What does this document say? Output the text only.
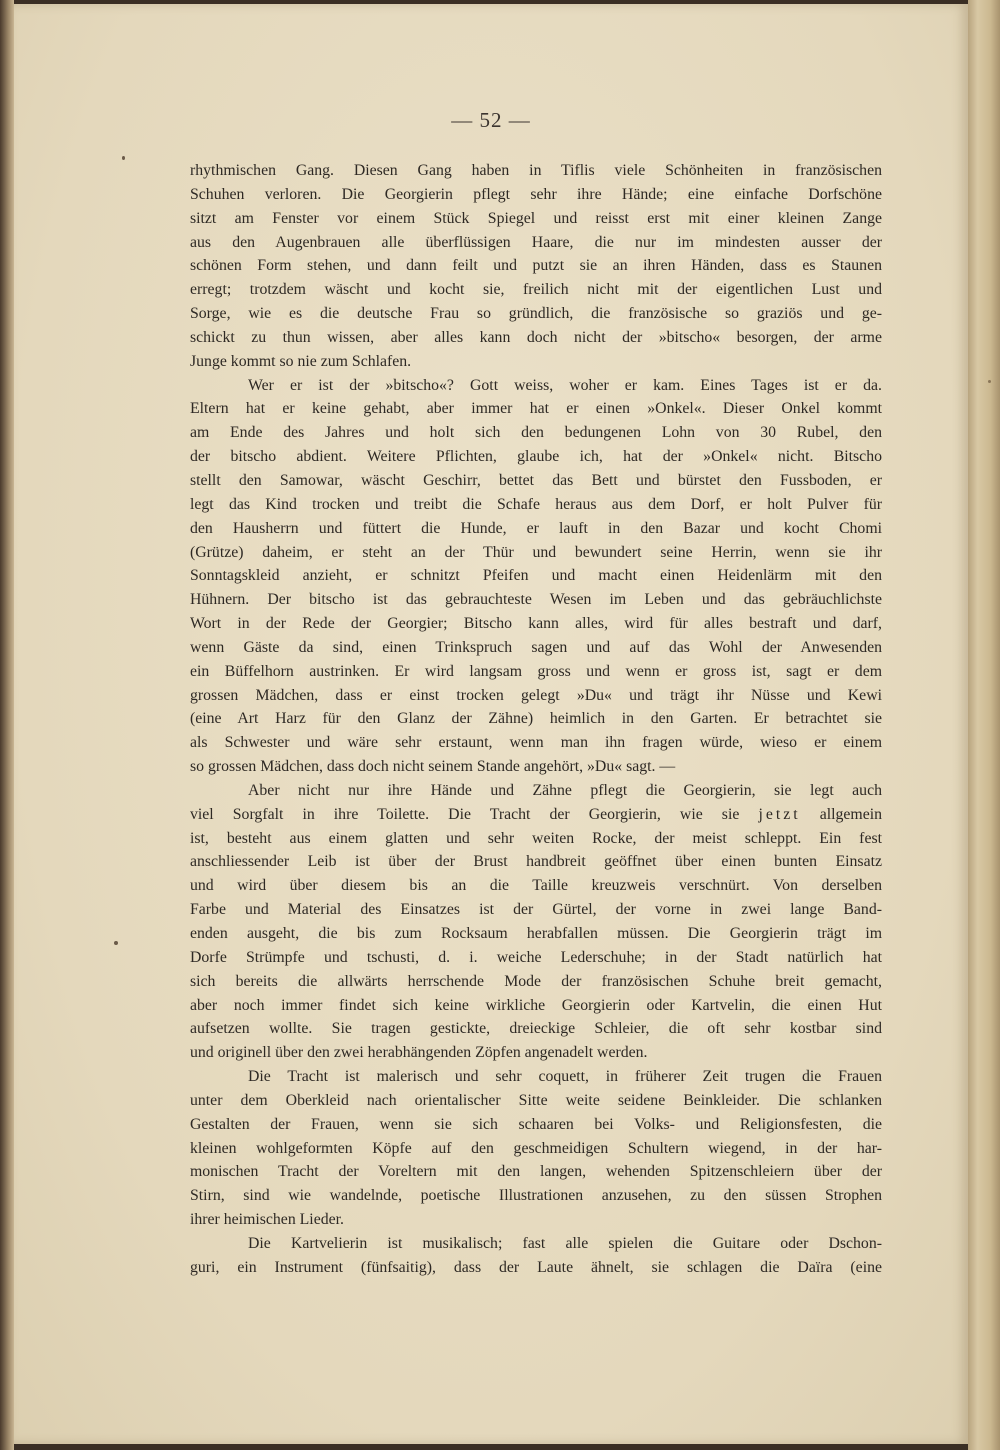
— 52 —
rhythmischen Gang. Diesen Gang haben in Tiflis viele Schönheiten in französischen
Schuhen verloren. Die Georgierin pflegt sehr ihre Hände; eine einfache Dorfschöne
sitzt am Fenster vor einem Stück Spiegel und reisst erst mit einer kleinen Zange
aus den Augenbrauen alle überflüssigen Haare, die nur im mindesten ausser der
schönen Form stehen, und dann feilt und putzt sie an ihren Händen, dass es Staunen
erregt; trotzdem wäscht und kocht sie, freilich nicht mit der eigentlichen Lust und
Sorge, wie es die deutsche Frau so gründlich, die französische so graziös und ge-
schickt zu thun wissen, aber alles kann doch nicht der »bitscho« besorgen, der arme
Junge kommt so nie zum Schlafen.
Wer er ist der »bitscho«? Gott weiss, woher er kam. Eines Tages ist er da.
Eltern hat er keine gehabt, aber immer hat er einen »Onkel«. Dieser Onkel kommt
am Ende des Jahres und holt sich den bedungenen Lohn von 30 Rubel, den
der bitscho abdient. Weitere Pflichten, glaube ich, hat der »Onkel« nicht. Bitscho
stellt den Samowar, wäscht Geschirr, bettet das Bett und bürstet den Fussboden, er
legt das Kind trocken und treibt die Schafe heraus aus dem Dorf, er holt Pulver für
den Hausherrn und füttert die Hunde, er lauft in den Bazar und kocht Chomi
(Grütze) daheim, er steht an der Thür und bewundert seine Herrin, wenn sie ihr
Sonntagskleid anzieht, er schnitzt Pfeifen und macht einen Heidenlärm mit den
Hühnern. Der bitscho ist das gebrauchteste Wesen im Leben und das gebräuchlichste
Wort in der Rede der Georgier; Bitscho kann alles, wird für alles bestraft und darf,
wenn Gäste da sind, einen Trinkspruch sagen und auf das Wohl der Anwesenden
ein Büffelhorn austrinken. Er wird langsam gross und wenn er gross ist, sagt er dem
grossen Mädchen, dass er einst trocken gelegt »Du« und trägt ihr Nüsse und Kewi
(eine Art Harz für den Glanz der Zähne) heimlich in den Garten. Er betrachtet sie
als Schwester und wäre sehr erstaunt, wenn man ihn fragen würde, wieso er einem
so grossen Mädchen, dass doch nicht seinem Stande angehört, »Du« sagt. —
Aber nicht nur ihre Hände und Zähne pflegt die Georgierin, sie legt auch
viel Sorgfalt in ihre Toilette. Die Tracht der Georgierin, wie sie jetzt allgemein
ist, besteht aus einem glatten und sehr weiten Rocke, der meist schleppt. Ein fest
anschliessender Leib ist über der Brust handbreit geöffnet über einen bunten Einsatz
und wird über diesem bis an die Taille kreuzweis verschnürt. Von derselben
Farbe und Material des Einsatzes ist der Gürtel, der vorne in zwei lange Band-
enden ausgeht, die bis zum Rocksaum herabfallen müssen. Die Georgierin trägt im
Dorfe Strümpfe und tschusti, d. i. weiche Lederschuhe; in der Stadt natürlich hat
sich bereits die allwärts herrschende Mode der französischen Schuhe breit gemacht,
aber noch immer findet sich keine wirkliche Georgierin oder Kartvelin, die einen Hut
aufsetzen wollte. Sie tragen gestickte, dreieckige Schleier, die oft sehr kostbar sind
und originell über den zwei herabhängenden Zöpfen angenadelt werden.
Die Tracht ist malerisch und sehr coquett, in früherer Zeit trugen die Frauen
unter dem Oberkleid nach orientalischer Sitte weite seidene Beinkleider. Die schlanken
Gestalten der Frauen, wenn sie sich schaaren bei Volks- und Religionsfesten, die
kleinen wohlgeformten Köpfe auf den geschmeidigen Schultern wiegend, in der har-
monischen Tracht der Voreltern mit den langen, wehenden Spitzenschleiern über der
Stirn, sind wie wandelnde, poetische Illustrationen anzusehen, zu den süssen Strophen
ihrer heimischen Lieder.
Die Kartvelierin ist musikalisch; fast alle spielen die Guitare oder Dschon-
guri, ein Instrument (fünfsaitig), dass der Laute ähnelt, sie schlagen die Daïra (eine
